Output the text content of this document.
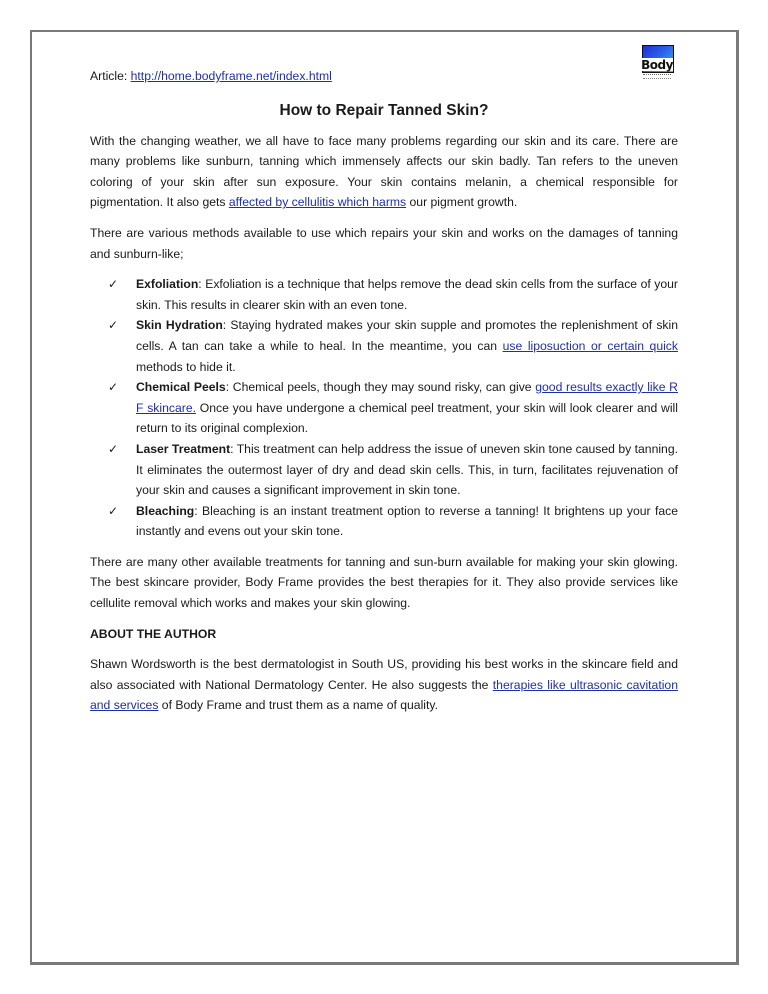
Body
Article: http://home.bodyframe.net/index.html
How to Repair Tanned Skin?

With the changing weather, we all have to face many problems regarding our skin and its care. There are many problems like sunburn, tanning which immensely affects our skin badly. Tan refers to the uneven coloring of your skin after sun exposure. Your skin contains melanin, a chemical responsible for pigmentation. It also gets affected by cellulitis which harms our pigment growth.

There are various methods available to use which repairs your skin and works on the damages of tanning and sunburn-like;

✓ Exfoliation: Exfoliation is a technique that helps remove the dead skin cells from the surface of your skin. This results in clearer skin with an even tone.
✓ Skin Hydration: Staying hydrated makes your skin supple and promotes the replenishment of skin cells. A tan can take a while to heal. In the meantime, you can use liposuction or certain quick methods to hide it.
✓ Chemical Peels: Chemical peels, though they may sound risky, can give good results exactly like R F skincare. Once you have undergone a chemical peel treatment, your skin will look clearer and will return to its original complexion.
✓ Laser Treatment: This treatment can help address the issue of uneven skin tone caused by tanning. It eliminates the outermost layer of dry and dead skin cells. This, in turn, facilitates rejuvenation of your skin and causes a significant improvement in skin tone.
✓ Bleaching: Bleaching is an instant treatment option to reverse a tanning! It brightens up your face instantly and evens out your skin tone.

There are many other available treatments for tanning and sun-burn available for making your skin glowing. The best skincare provider, Body Frame provides the best therapies for it. They also provide services like cellulite removal which works and makes your skin glowing.

ABOUT THE AUTHOR

Shawn Wordsworth is the best dermatologist in South US, providing his best works in the skincare field and also associated with National Dermatology Center. He also suggests the therapies like ultrasonic cavitation and services of Body Frame and trust them as a name of quality.
